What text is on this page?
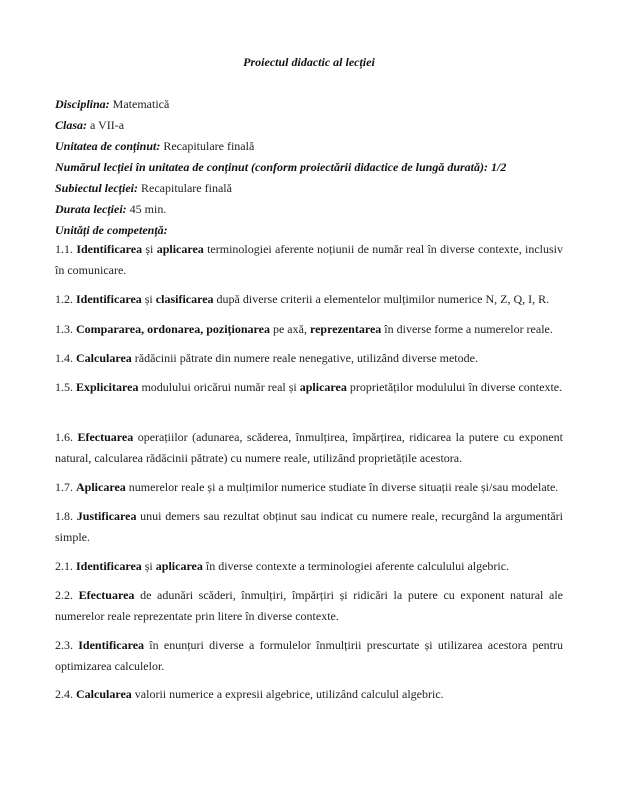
Proiectul didactic al lecției
Disciplina: Matematică
Clasa: a VII-a
Unitatea de conținut: Recapitulare finală
Numărul lecției în unitatea de conținut (conform proiectării didactice de lungă durată): 1/2
Subiectul lecției: Recapitulare finală
Durata lecției: 45 min.
Unități de competență:
1.1. Identificarea și aplicarea terminologiei aferente noțiunii de număr real în diverse contexte, inclusiv în comunicare.
1.2. Identificarea și clasificarea după diverse criterii a elementelor mulțimilor numerice N, Z, Q, I, R.
1.3. Compararea, ordonarea, poziționarea pe axă, reprezentarea în diverse forme a numerelor reale.
1.4. Calcularea rădăcinii pătrate din numere reale nenegative, utilizând diverse metode.
1.5. Explicitarea modulului oricărui număr real și aplicarea proprietăților modulului în diverse contexte.
1.6. Efectuarea operațiilor (adunarea, scăderea, înmulțirea, împărțirea, ridicarea la putere cu exponent natural, calcularea rădăcinii pătrate) cu numere reale, utilizând proprietățile acestora.
1.7. Aplicarea numerelor reale și a mulțimilor numerice studiate în diverse situații reale și/sau modelate.
1.8. Justificarea unui demers sau rezultat obținut sau indicat cu numere reale, recurgând la argumentări simple.
2.1. Identificarea și aplicarea în diverse contexte a terminologiei aferente calculului algebric.
2.2. Efectuarea de adunări scăderi, înmulțiri, împărțiri și ridicări la putere cu exponent natural ale numerelor reale reprezentate prin litere în diverse contexte.
2.3. Identificarea în enunțuri diverse a formulelor înmulțirii prescurtate și utilizarea acestora pentru optimizarea calculelor.
2.4. Calcularea valorii numerice a expresii algebrice, utilizând calculul algebric.
